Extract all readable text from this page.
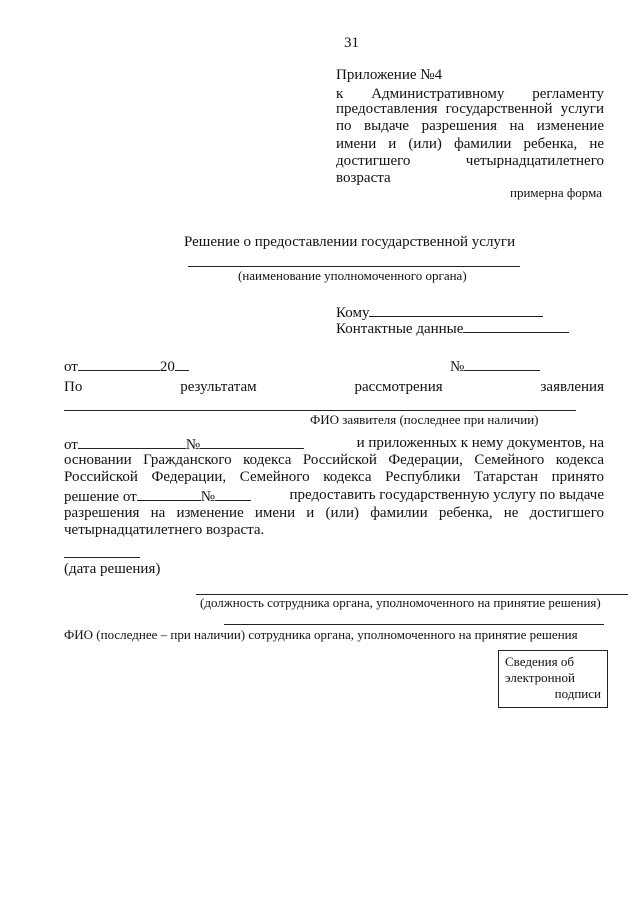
31
Приложение №4
к Административному регламенту
предоставления государственной услуги
по выдаче разрешения на изменение
имени и (или) фамилии ребенка, не
достигшего	четырнадцатилетнего
возраста
примерна форма
Решение о предоставлении государственной услуги
(наименование уполномоченного органа)
Кому
Контактные данные
от	20	№
По	результатам	рассмотрения	заявления
ФИО заявителя (последнее при наличии)
от	№	и приложенных к нему документов, на
основании Гражданского кодекса Российской Федерации, Семейного кодекса
Российской Федерации, Семейного кодекса Республики Татарстан принято
решение от	№	предоставить государственную услугу по выдаче
разрешения на изменение имени и (или) фамилии ребенка, не достигшего
четырнадцатилетнего возраста.
(дата решения)
(должность сотрудника органа, уполномоченного на принятие решения)
ФИО (последнее – при наличии) сотрудника органа, уполномоченного на принятие решения
Сведения об
электронной
подписи
